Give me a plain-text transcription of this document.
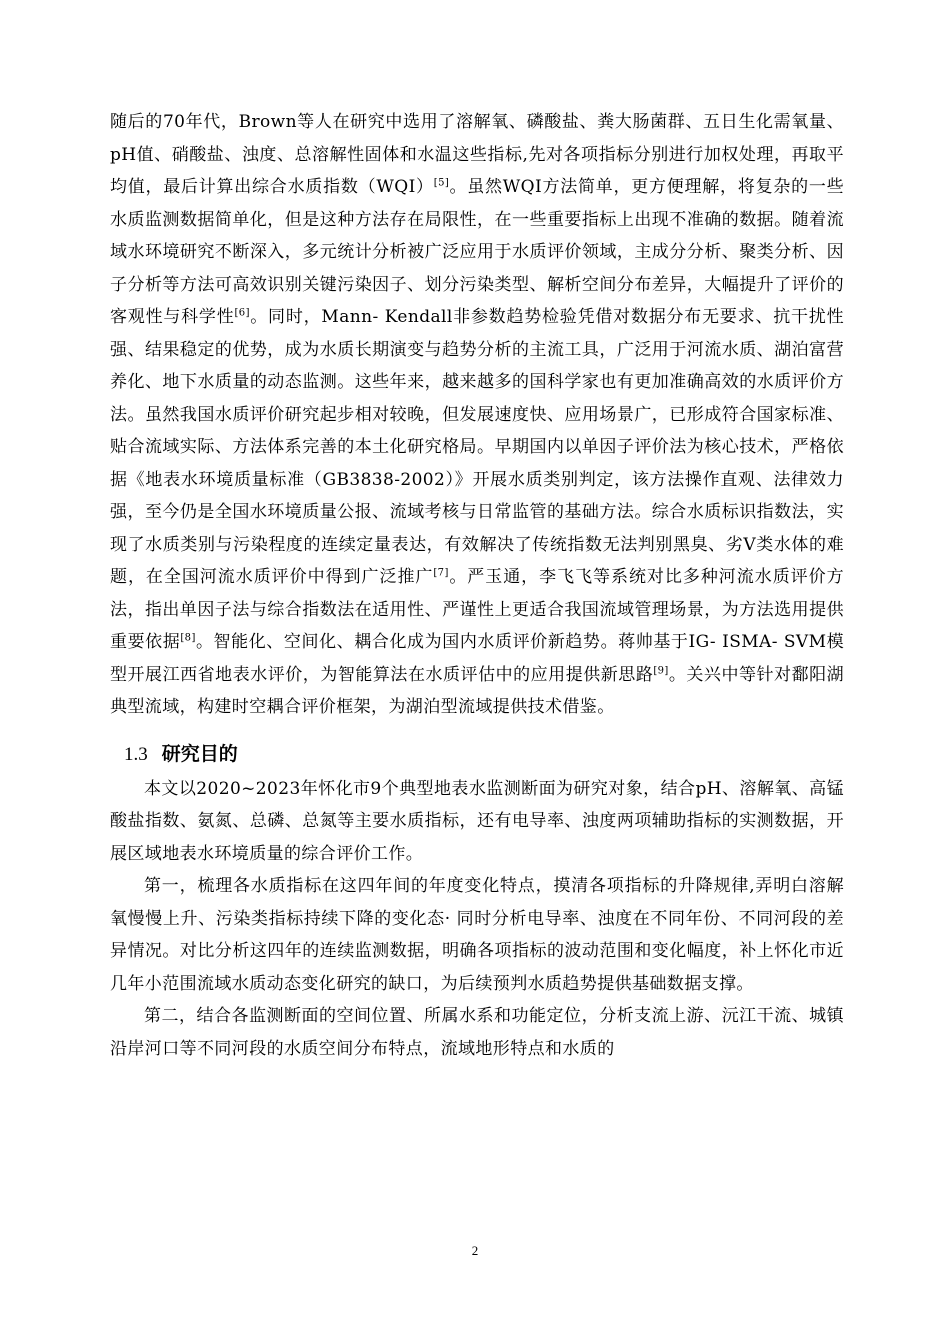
随后的70年代，Brown等人在研究中选用了溶解氧、磷酸盐、粪大肠菌群、五日生化需氧量、pH值、硝酸盐、浊度、总溶解性固体和水温这些指标,先对各项指标分别进行加权处理，再取平均值，最后计算出综合水质指数（WQI）[5]。虽然WQI方法简单，更方便理解，将复杂的一些水质监测数据简单化，但是这种方法存在局限性，在一些重要指标上出现不准确的数据。随着流域水环境研究不断深入，多元统计分析被广泛应用于水质评价领域，主成分分析、聚类分析、因子分析等方法可高效识别关键污染因子、划分污染类型、解析空间分布差异，大幅提升了评价的客观性与科学性[6]。同时，Mann- Kendall非参数趋势检验凭借对数据分布无要求、抗干扰性强、结果稳定的优势，成为水质长期演变与趋势分析的主流工具，广泛用于河流水质、湖泊富营养化、地下水质量的动态监测。这些年来，越来越多的国科学家也有更加准确高效的水质评价方法。虽然我国水质评价研究起步相对较晚，但发展速度快、应用场景广，已形成符合国家标准、贴合流域实际、方法体系完善的本土化研究格局。早期国内以单因子评价法为核心技术，严格依据《地表水环境质量标准（GB3838-2002）》开展水质类别判定，该方法操作直观、法律效力强，至今仍是全国水环境质量公报、流域考核与日常监管的基础方法。综合水质标识指数法，实现了水质类别与污染程度的连续定量表达，有效解决了传统指数无法判别黑臭、劣V类水体的难题，在全国河流水质评价中得到广泛推广[7]。严玉通，李飞飞等系统对比多种河流水质评价方法，指出单因子法与综合指数法在适用性、严谨性上更适合我国流域管理场景，为方法选用提供重要依据[8]。智能化、空间化、耦合化成为国内水质评价新趋势。蒋帅基于IG- ISMA- SVM模型开展江西省地表水评价，为智能算法在水质评估中的应用提供新思路[9]。关兴中等针对鄱阳湖典型流域，构建时空耦合评价框架，为湖泊型流域提供技术借鉴。

1.3 研究目的

本文以2020~2023年怀化市9个典型地表水监测断面为研究对象，结合pH、溶解氧、高锰酸盐指数、氨氮、总磷、总氮等主要水质指标，还有电导率、浊度两项辅助指标的实测数据，开展区域地表水环境质量的综合评价工作。

第一，梳理各水质指标在这四年间的年度变化特点，摸清各项指标的升降规律,弄明白溶解氧慢慢上升、污染类指标持续下降的变化态· 同时分析电导率、浊度在不同年份、不同河段的差异情况。对比分析这四年的连续监测数据，明确各项指标的波动范围和变化幅度，补上怀化市近几年小范围流域水质动态变化研究的缺口，为后续预判水质趋势提供基础数据支撑。

第二，结合各监测断面的空间位置、所属水系和功能定位，分析支流上游、沅江干流、城镇沿岸河口等不同河段的水质空间分布特点，流域地形特点和水质的

2
